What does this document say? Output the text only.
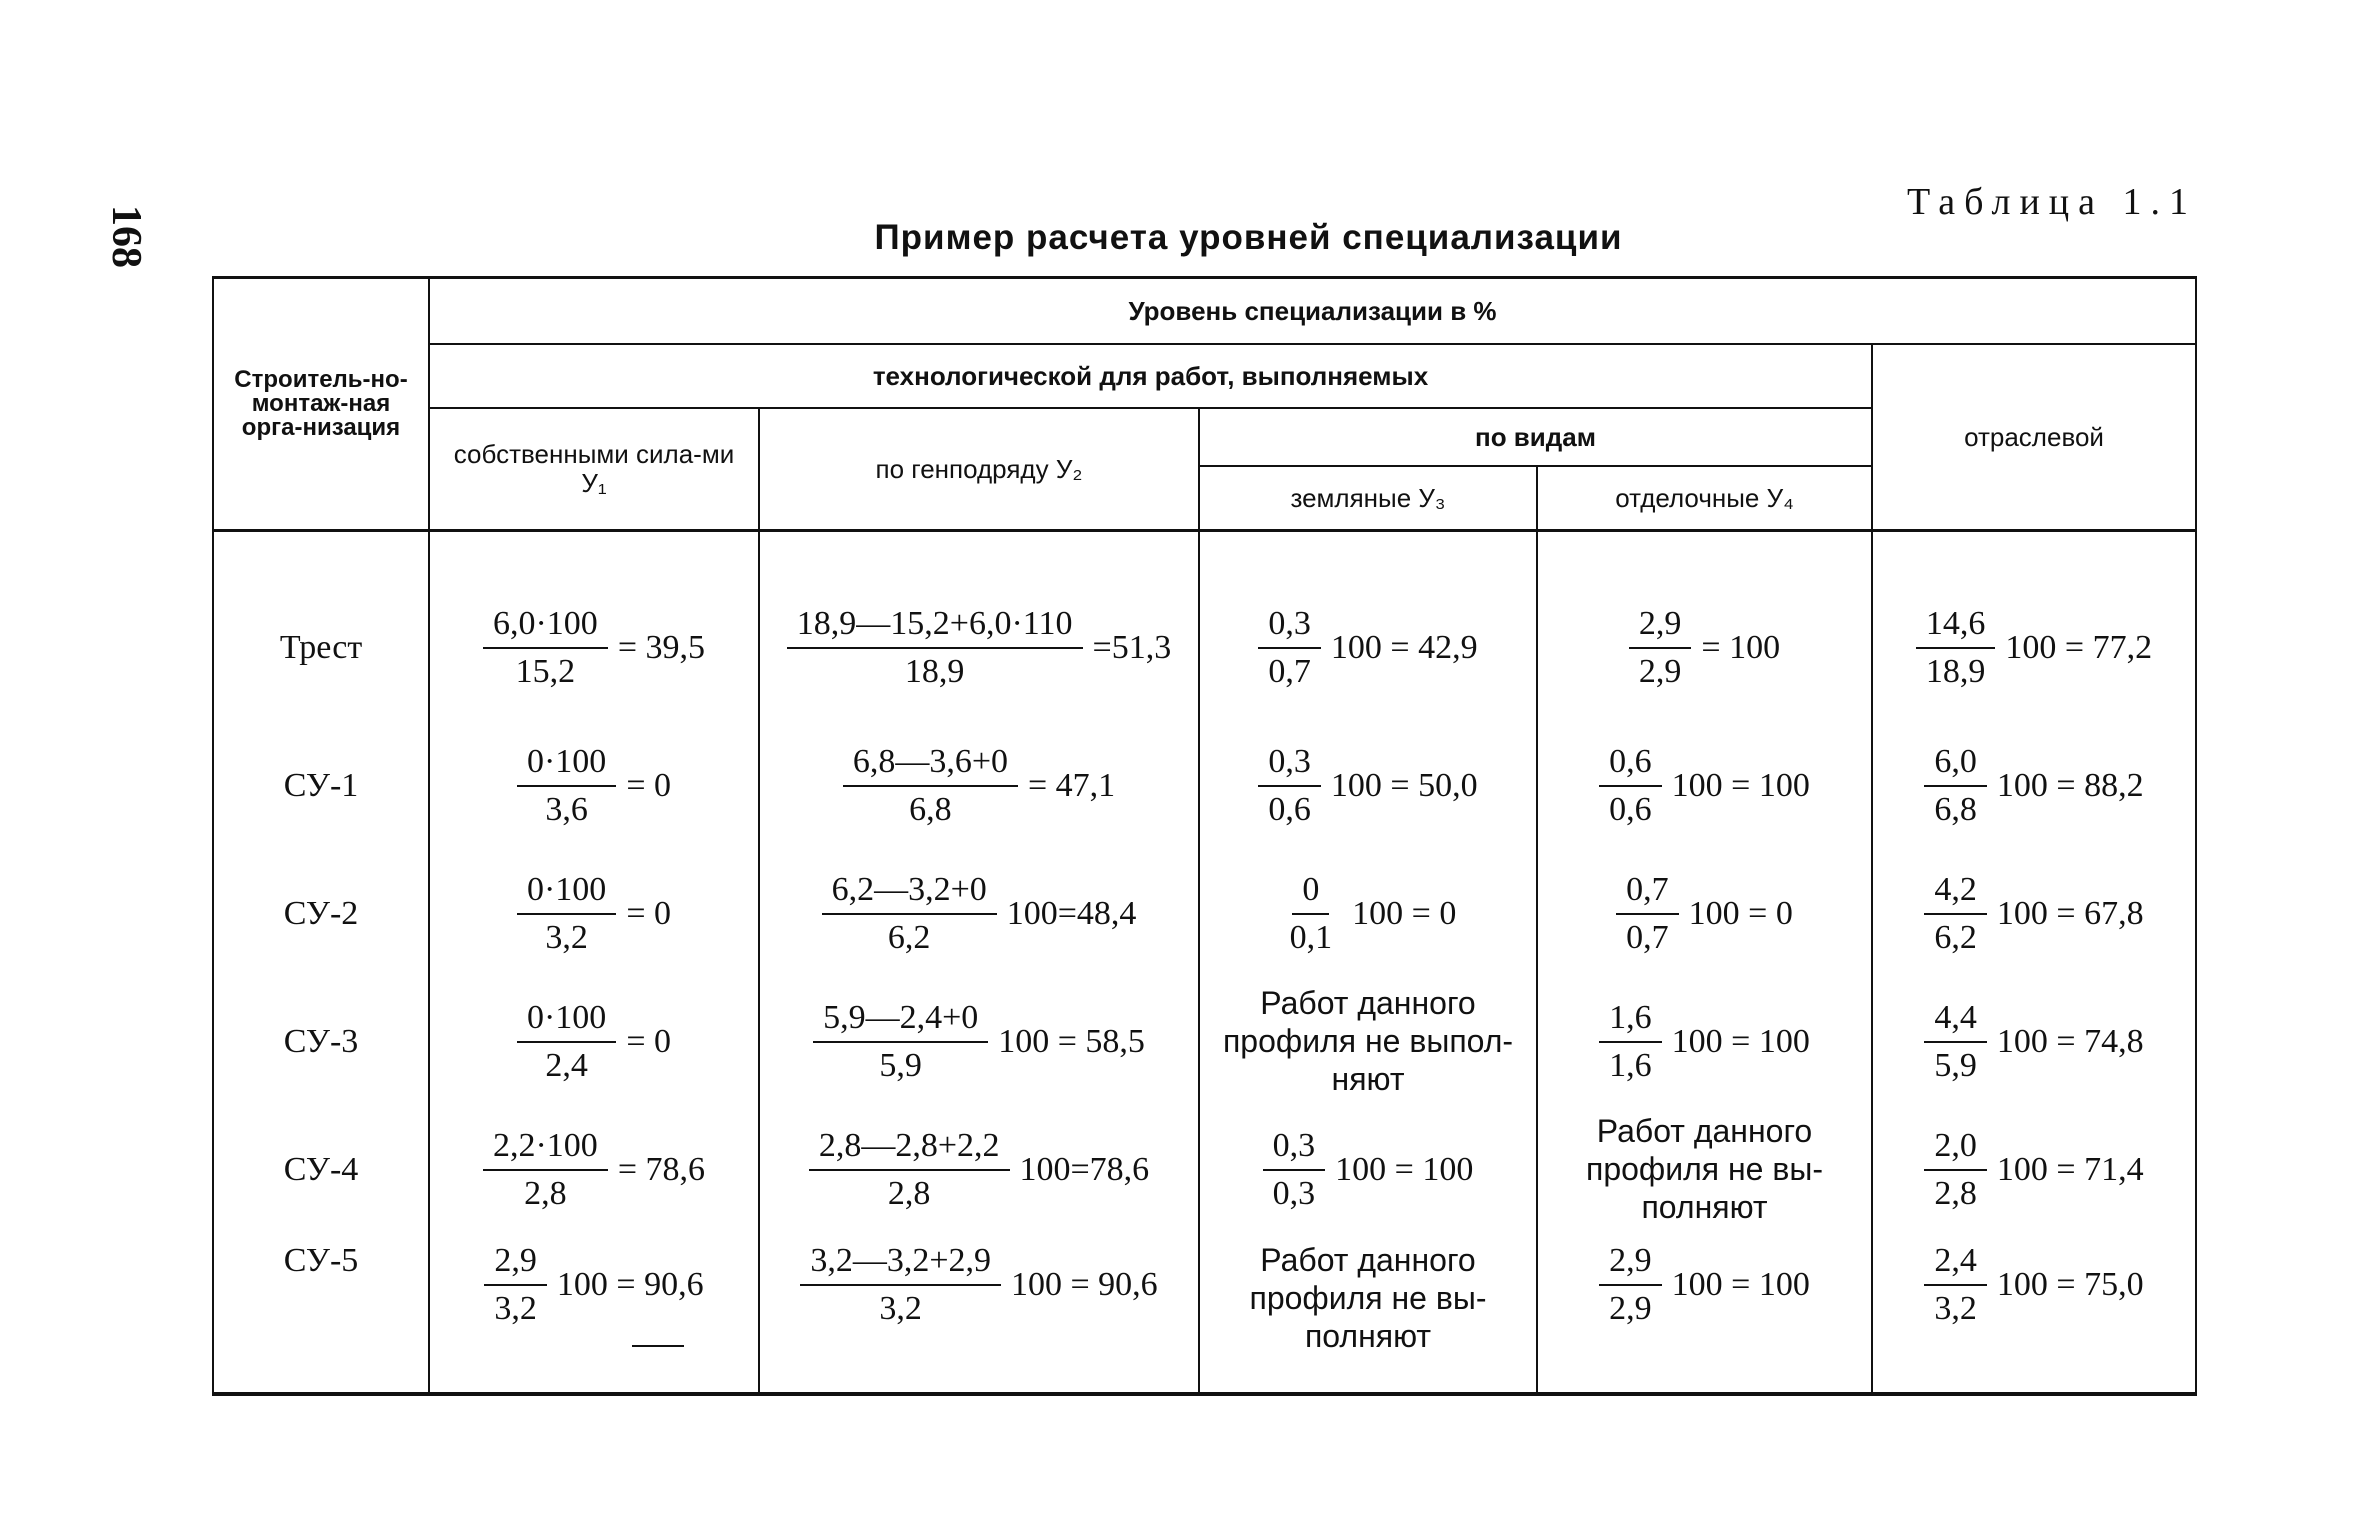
168
Таблица 1.1
Пример расчета уровней специализации
Строитель-но-монтаж-ная орга-низация	Уровень специализации в %				
	технологической для работ, выполняемых				отраслевой
	собственными сила-ми У₁	по генподряду У₂	по видам		
			земляные У₃	отделочные У₄	

Трест	$\frac{6,0\cdot 100}{15,2} = 39,5$	$\frac{18,9—15,2+6,0\cdot 110}{18,9} =51,3$	$\frac{0,3}{0,7} 100 = 42,9$	$\frac{2,9}{2,9} = 100$	$\frac{14,6}{18,9} 100 = 77,2$

СУ-1	$\frac{0\cdot 100}{3,6} = 0$	$\frac{6,8—3,6+0}{6,8} = 47,1$	$\frac{0,3}{0,6} 100 = 50,0$	$\frac{0,6}{0,6} 100 = 100$	$\frac{6,0}{6,8} 100 = 88,2$

СУ-2	$\frac{0\cdot 100}{3,2} = 0$	$\frac{6,2—3,2+0}{6,2} 100=48,4$	$\frac{0}{0,1} 100 = 0$	$\frac{0,7}{0,7} 100 = 0$	$\frac{4,2}{6,2} 100 = 67,8$

СУ-3	$\frac{0\cdot 100}{2,4} = 0$	$\frac{5,9—2,4+0}{5,9} 100 = 58,5$	Работ данного профиля не выпол-няют	$\frac{1,6}{1,6} 100 = 100$	$\frac{4,4}{5,9} 100 = 74,8$

СУ-4	$\frac{2,2\cdot 100}{2,8} = 78,6$	$\frac{2,8—2,8+2,2}{2,8} 100=78,6$	$\frac{0,3}{0,3} 100 = 100$	Работ данного профиля не вы-полняют	$\frac{2,0}{2,8} 100 = 71,4$

СУ-5	$\frac{2,9}{3,2} 100 = 90,6$	$\frac{3,2—3,2+2,9}{3,2} 100 = 90,6$	Работ данного профиля не вы-полняют	$\frac{2,9}{2,9} 100 = 100$	$\frac{2,4}{3,2} 100 = 75,0$
